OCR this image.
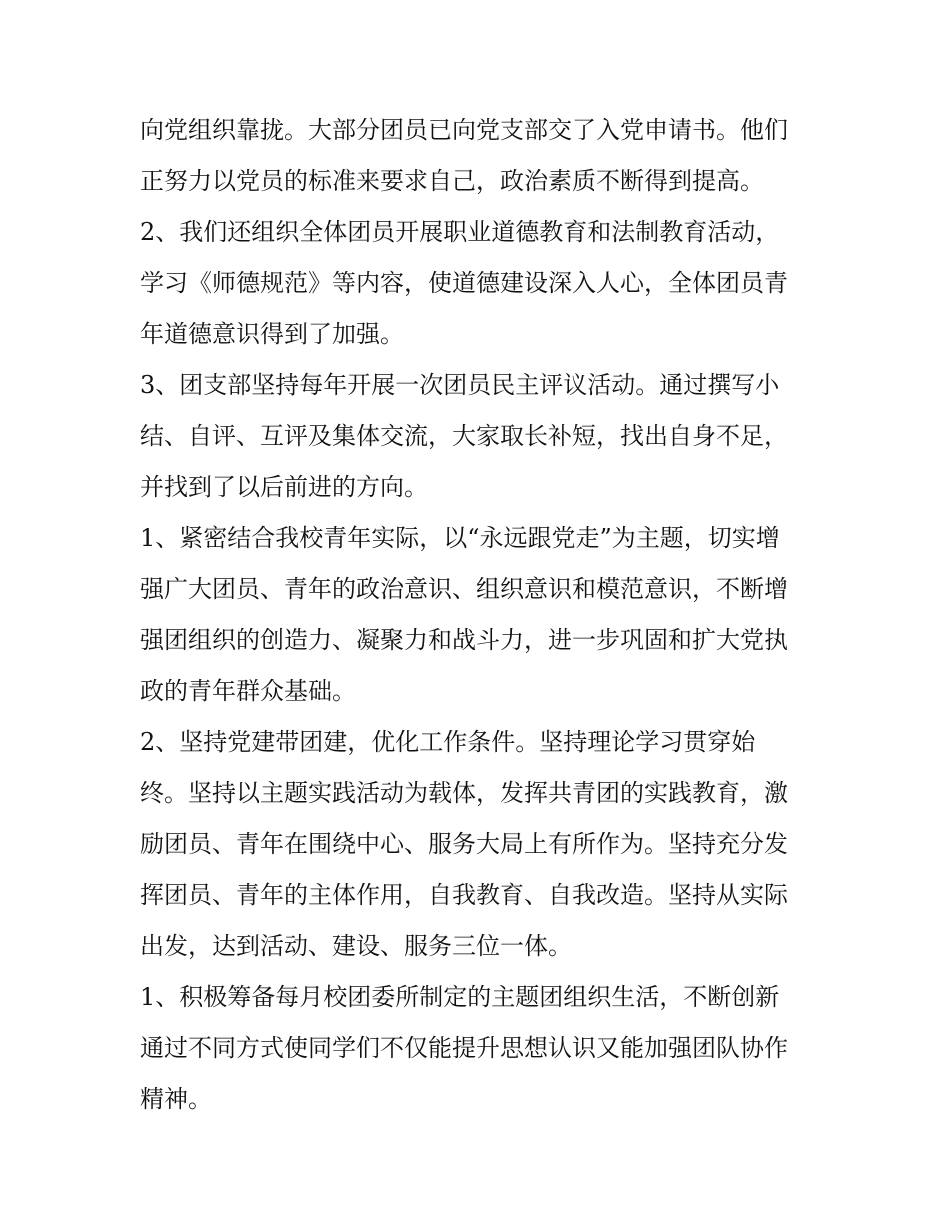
向党组织靠拢。大部分团员已向党支部交了入党申请书。他们
正努力以党员的标准来要求自己，政治素质不断得到提高。
2、我们还组织全体团员开展职业道德教育和法制教育活动，
学习《师德规范》等内容，使道德建设深入人心，全体团员青
年道德意识得到了加强。
3、团支部坚持每年开展一次团员民主评议活动。通过撰写小
结、自评、互评及集体交流，大家取长补短，找出自身不足，
并找到了以后前进的方向。
1、紧密结合我校青年实际，以“永远跟党走”为主题，切实增
强广大团员、青年的政治意识、组织意识和模范意识，不断增
强团组织的创造力、凝聚力和战斗力，进一步巩固和扩大党执
政的青年群众基础。
2、坚持党建带团建，优化工作条件。坚持理论学习贯穿始
终。坚持以主题实践活动为载体，发挥共青团的实践教育，激
励团员、青年在围绕中心、服务大局上有所作为。坚持充分发
挥团员、青年的主体作用，自我教育、自我改造。坚持从实际
出发，达到活动、建设、服务三位一体。
1、积极筹备每月校团委所制定的主题团组织生活，不断创新
通过不同方式使同学们不仅能提升思想认识又能加强团队协作
精神。
